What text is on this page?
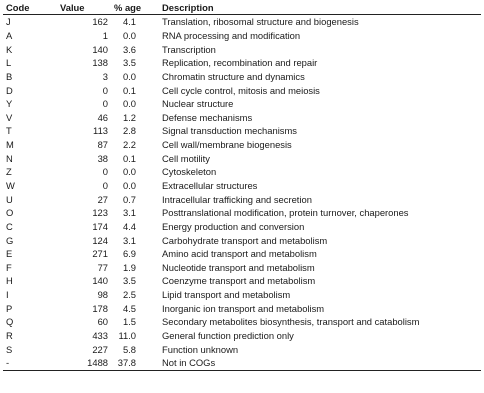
Code	Value	% age	Description
J	162	4.1	Translation, ribosomal structure and biogenesis
A	1	0.0	RNA processing and modification
K	140	3.6	Transcription
L	138	3.5	Replication, recombination and repair
B	3	0.0	Chromatin structure and dynamics
D	0	0.1	Cell cycle control, mitosis and meiosis
Y	0	0.0	Nuclear structure
V	46	1.2	Defense mechanisms
T	113	2.8	Signal transduction mechanisms
M	87	2.2	Cell wall/membrane biogenesis
N	38	0.1	Cell motility
Z	0	0.0	Cytoskeleton
W	0	0.0	Extracellular structures
U	27	0.7	Intracellular trafficking and secretion
O	123	3.1	Posttranslational modification, protein turnover, chaperones
C	174	4.4	Energy production and conversion
G	124	3.1	Carbohydrate transport and metabolism
E	271	6.9	Amino acid transport and metabolism
F	77	1.9	Nucleotide transport and metabolism
H	140	3.5	Coenzyme transport and metabolism
I	98	2.5	Lipid transport and metabolism
P	178	4.5	Inorganic ion transport and metabolism
Q	60	1.5	Secondary metabolites biosynthesis, transport and catabolism
R	433	11.0	General function prediction only
S	227	5.8	Function unknown
-	1488	37.8	Not in COGs
